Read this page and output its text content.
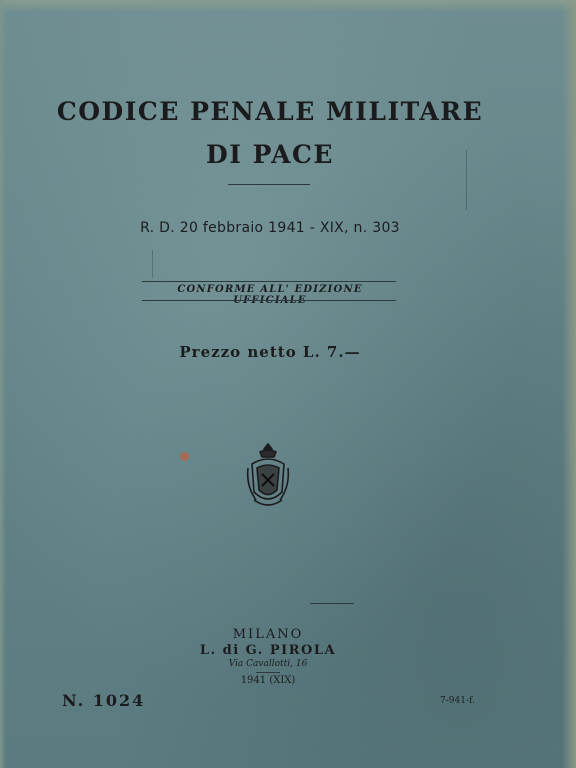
CODICE PENALE MILITARE
DI PACE
R. D. 20 febbraio 1941 - XIX, n. 303
CONFORME ALL' EDIZIONE
Prezzo netto L. 7.—
MILANO
L. di G. PIROLA
Via Cavallotti, 16
1941 (XIX)
N. 1024	7-941-f.
